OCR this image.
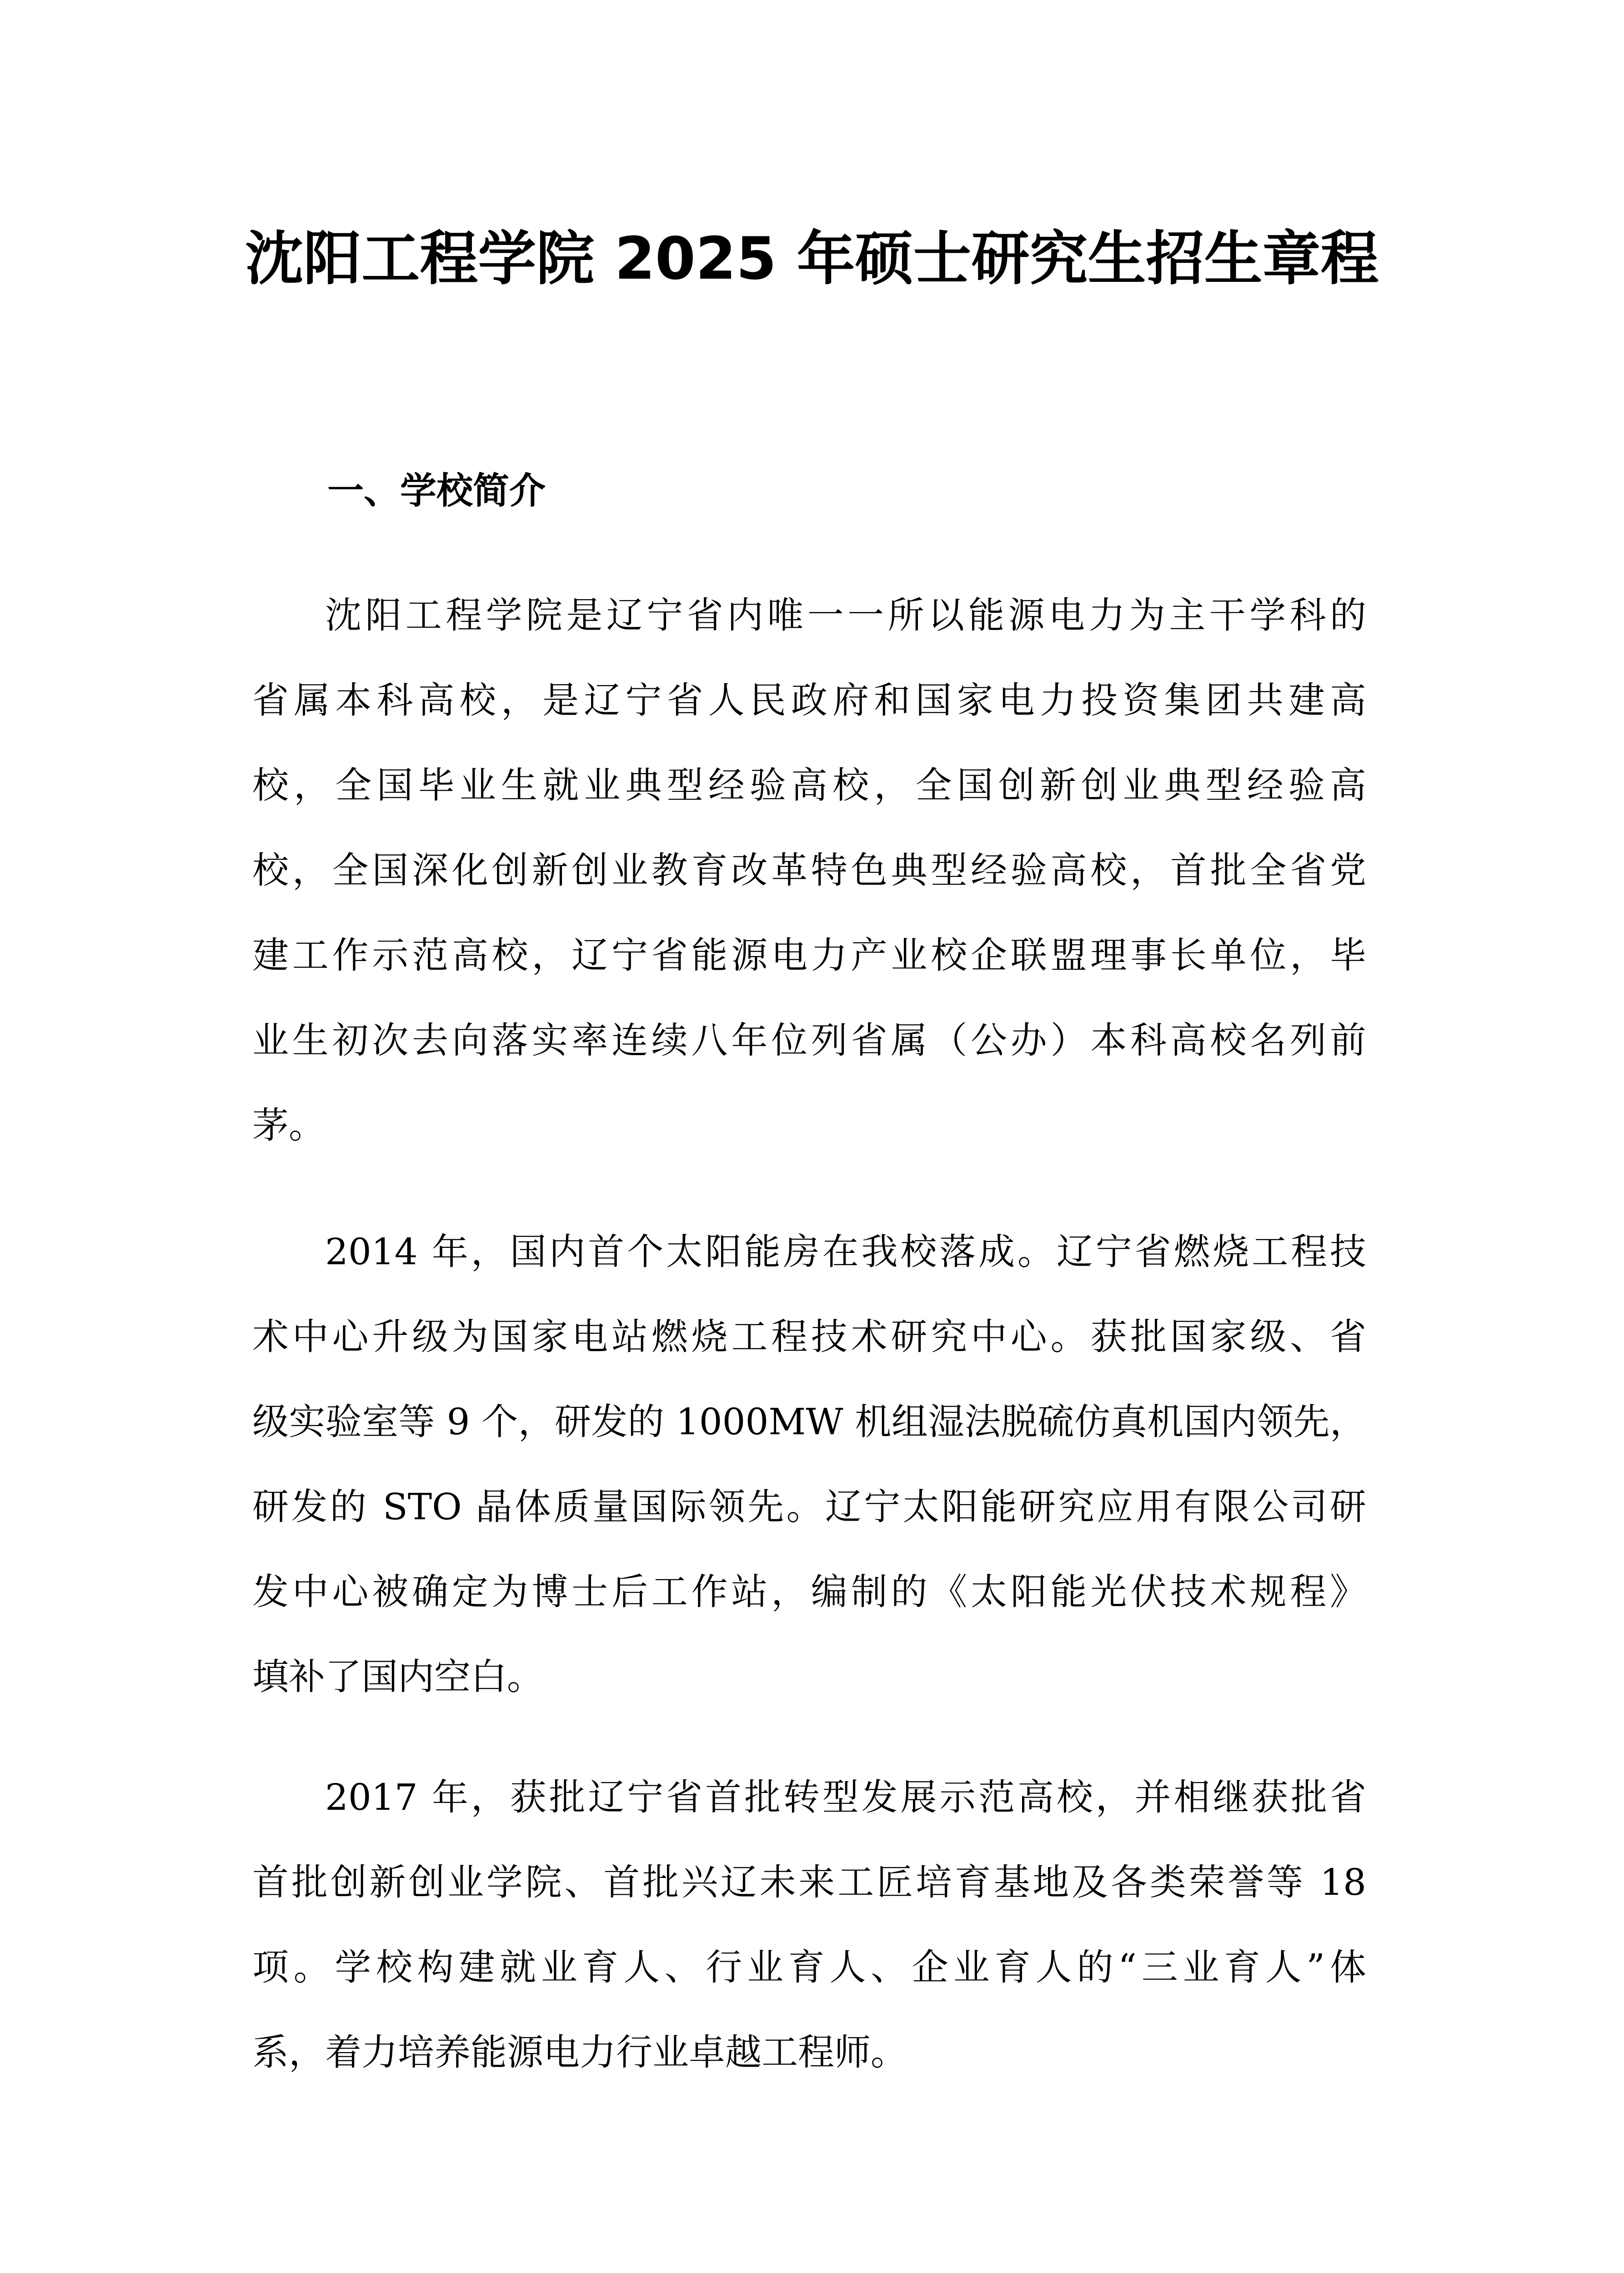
沈阳工程学院 2025 年硕士研究生招生章程
一、学校简介

沈阳工程学院是辽宁省内唯一一所以能源电力为主干学科的
省属本科高校，是辽宁省人民政府和国家电力投资集团共建高
校，全国毕业生就业典型经验高校，全国创新创业典型经验高
校，全国深化创新创业教育改革特色典型经验高校，首批全省党
建工作示范高校，辽宁省能源电力产业校企联盟理事长单位，毕
业生初次去向落实率连续八年位列省属（公办）本科高校名列前
茅。

2014 年，国内首个太阳能房在我校落成。辽宁省燃烧工程技
术中心升级为国家电站燃烧工程技术研究中心。获批国家级、省
级实验室等 9 个，研发的 1000MW 机组湿法脱硫仿真机国内领先，
研发的 STO 晶体质量国际领先。辽宁太阳能研究应用有限公司研
发中心被确定为博士后工作站，编制的《太阳能光伏技术规程》
填补了国内空白。

2017 年，获批辽宁省首批转型发展示范高校，并相继获批省
首批创新创业学院、首批兴辽未来工匠培育基地及各类荣誉等 18
项。学校构建就业育人、行业育人、企业育人的“三业育人”体
系，着力培养能源电力行业卓越工程师。
